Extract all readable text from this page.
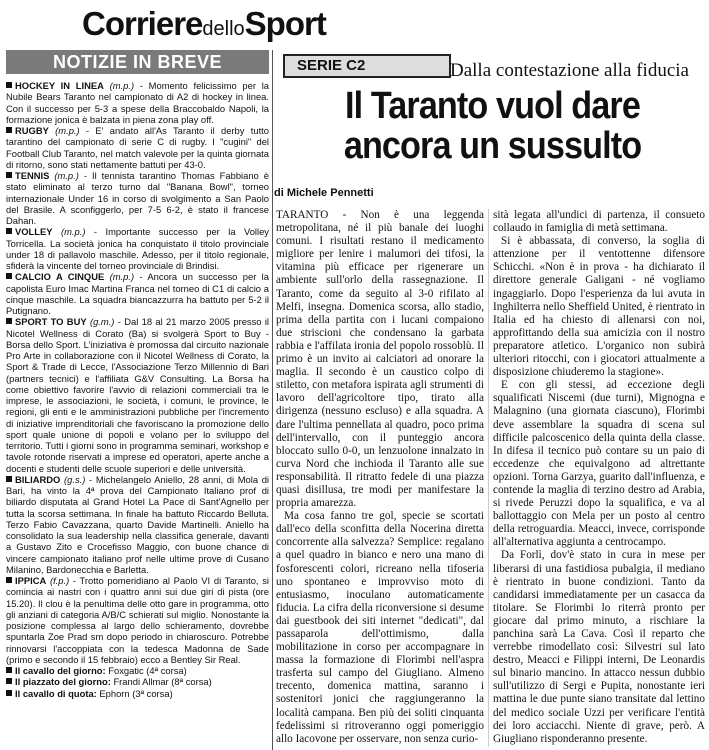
CorrieredelloSport
NOTIZIE IN BREVE

HOCKEY IN LINEA (m.p.) - Momento felicissimo per la Nubile Bears Taranto nel campionato di A2 di hockey in linea. Con il successo per 5-3 a spese della Braccobaldo Napoli, la formazione jonica è balzata in piena zona play off.

RUGBY (m.p.) - E' andato all'As Taranto il derby tutto tarantino del campionato di serie C di rugby. I "cugini" del Football Club Taranto, nel match valevole per la quinta giornata di ritorno, sono stati nettamente battuti per 43-0.

TENNIS (m.p.) - Il tennista tarantino Thomas Fabbiano è stato eliminato al terzo turno dal "Banana Bowl", torneo internazionale Under 16 in corso di svolgimento a San Paolo del Brasile. A sconfiggerlo, per 7-5 6-2, è stato il francese Dahan.

VOLLEY (m.p.) - Importante successo per la Volley Torricella. La società jonica ha conquistato il titolo provinciale under 18 di pallavolo maschile. Adesso, per il titolo regionale, sfiderà la vincente del torneo provinciale di Brindisi.

CALCIO A CINQUE (m.p.) - Ancora un successo per la capolista Euro Imac Martina Franca nel torneo di C1 di calcio a cinque maschile. La squadra biancazzurra ha battuto per 5-2 il Putignano.

SPORT TO BUY (g.m.) - Dal 18 al 21 marzo 2005 presso il Nicotel Wellness di Corato (Ba) si svolgerà Sport to Buy - Borsa dello Sport. L'iniziativa è promossa dal circuito nazionale Pro Arte in collaborazione con il Nicotel Wellness di Corato, la Sport & Trade di Lecce, l'Associazione Terzo Millennio di Bari (partners tecnici) e l'affiliata G&V Consulting. La Borsa ha come obiettivo favorire l'avvio di relazioni commerciali tra le imprese, le associazioni, le società, i comuni, le province, le regioni, gli enti e le amministrazioni pubbliche per l'incremento di iniziative imprenditoriali che favoriscano la promozione dello sport quale unione di popoli e volano per lo sviluppo del territorio. Tutti i giorni sono in programma seminari, workshop e tavole rotonde riservati a imprese ed operatori, aperte anche a docenti e studenti delle scuole superiori e delle università.

BILIARDO (g.s.) - Michelangelo Aniello, 28 anni, di Mola di Bari, ha vinto la 4ª prova del Campionato Italiano prof di biliardo disputata al Grand Hotel La Pace di Sant'Agnello per tutta la scorsa settimana. In finale ha battuto Riccardo Belluta. Terzo Fabio Cavazzana, quarto Davide Martinelli. Aniello ha consolidato la sua leadership nella classifica generale, davanti a Gustavo Zito e Crocefisso Maggio, con buone chance di vincere campionato italiano prof nelle ultime prove di Cusano Milanino, Bardonecchia e Barletta.

IPPICA (f.p.) - Trotto pomeridiano al Paolo VI di Taranto, si comincia ai nastri con i quattro anni sui due giri di pista (ore 15.20). Il clou è la penultima delle otto gare in programma, otto gli anziani di categoria A/B/C schierati sul miglio. Nonostante la posizione complessa al largo dello schieramento, dovrebbe spuntarla Zoe Prad sm dopo periodo in chiaroscuro. Potrebbe rinnovarsi l'accoppiata con la tedesca Madonna de Sade (primo e secondo il 15 febbraio) ecco a Bentley Sir Real.

Il cavallo del giorno: Foxgatic (4ª corsa)

Il piazzato del giorno: Frandi Allmar (8ª corsa)

Il cavallo di quota: Ephorn (3ª corsa)

SERIE C2	Dalla contestazione alla fiducia
Il Taranto vuol dare
ancora un sussulto
di Michele Pennetti

TARANTO - Non è una leggenda metropolitana, né il più banale dei luoghi comuni. I risultati restano il medicamento migliore per lenire i malumori dei tifosi, la vitamina più efficace per rigenerare un ambiente sull'orlo della rassegnazione. Il Taranto, come da seguito al 3-0 rifilato al Melfi, insegna. Domenica scorsa, allo stadio, prima della partita con i lucani compaiono due striscioni che condensano la garbata rabbia e l'affilata ironia del popolo rossoblù. Il primo è un invito ai calciatori ad onorare la maglia. Il secondo è un caustico colpo di stiletto, con metafora ispirata agli strumenti di lavoro dell'agricoltore tipo, tirato alla dirigenza (nessuno escluso) e alla squadra. A dare l'ultima pennellata al quadro, poco prima dell'intervallo, con il punteggio ancora bloccato sullo 0-0, un lenzuolone innalzato in curva Nord che inchioda il Taranto alle sue responsabilità. Il ritratto fedele di una piazza quasi disillusa, tre modi per manifestare la propria amarezza.

Ma cosa fanno tre gol, specie se scortati dall'eco della sconfitta della Nocerina diretta concorrente alla salvezza? Semplice: regalano a quel quadro in bianco e nero una mano di fosforescenti colori, ricreano nella tifoseria uno spontaneo e improvviso moto di entusiasmo, inoculano automaticamente fiducia. La cifra della riconversione si desume dai guestbook dei siti internet "dedicati", dal passaparola dell'ottimismo, dalla mobilitazione in corso per accompagnare in massa la formazione di Florimbi nell'aspra trasferta sul campo del Giugliano. Almeno trecento, domenica mattina, saranno i sostenitori jonici che raggiungeranno la località campana. Ben più dei soliti cinquanta fedelissimi si ritroveranno oggi pomeriggio allo Iacovone per osservare, non senza curio-

sità legata all'undici di partenza, il consueto collaudo in famiglia di metà settimana.

Si è abbassata, di converso, la soglia di attenzione per il ventottenne difensore Schicchi. «Non è in prova - ha dichiarato il direttore generale Galigani - né vogliamo ingaggiarlo. Dopo l'esperienza da lui avuta in Inghilterra nello Sheffield United, è rientrato in Italia ed ha chiesto di allenarsi con noi, approfittando della sua amicizia con il nostro preparatore atletico. L'organico non subirà ulteriori ritocchi, con i giocatori attualmente a disposizione chiuderemo la stagione».

E con gli stessi, ad eccezione degli squalificati Niscemi (due turni), Mignogna e Malagnino (una giornata ciascuno), Florimbi deve assemblare la squadra di scena sul difficile palcoscenico della quinta della classe. In difesa il tecnico può contare su un paio di eccedenze che equivalgono ad altrettante opzioni. Torna Garzya, guarito dall'influenza, e contende la maglia di terzino destro ad Arabia, si rivede Peruzzi dopo la squalifica, e va al ballottaggio con Mela per un posto al centro della retroguardia. Meacci, invece, corrisponde all'alternativa aggiunta a centrocampo.

Da Forlì, dov'è stato in cura in mese per liberarsi di una fastidiosa pubalgia, il mediano è rientrato in buone condizioni. Tanto da candidarsi immediatamente per un casacca da titolare. Se Florimbi lo riterrà pronto per giocare dal primo minuto, a rischiare la panchina sarà La Cava. Così il reparto che verrebbe rimodellato così: Silvestri sul lato destro, Meacci e Filippi interni, De Leonardis sul binario mancino. In attacco nessun dubbio sull'utilizzo di Sergi e Pupita, nonostante ieri mattina le due punte siano transitate dal lettino del medico sociale Uzzi per verificare l'entità dei loro acciacchi. Niente di grave, però. A Giugliano risponderanno presente.
